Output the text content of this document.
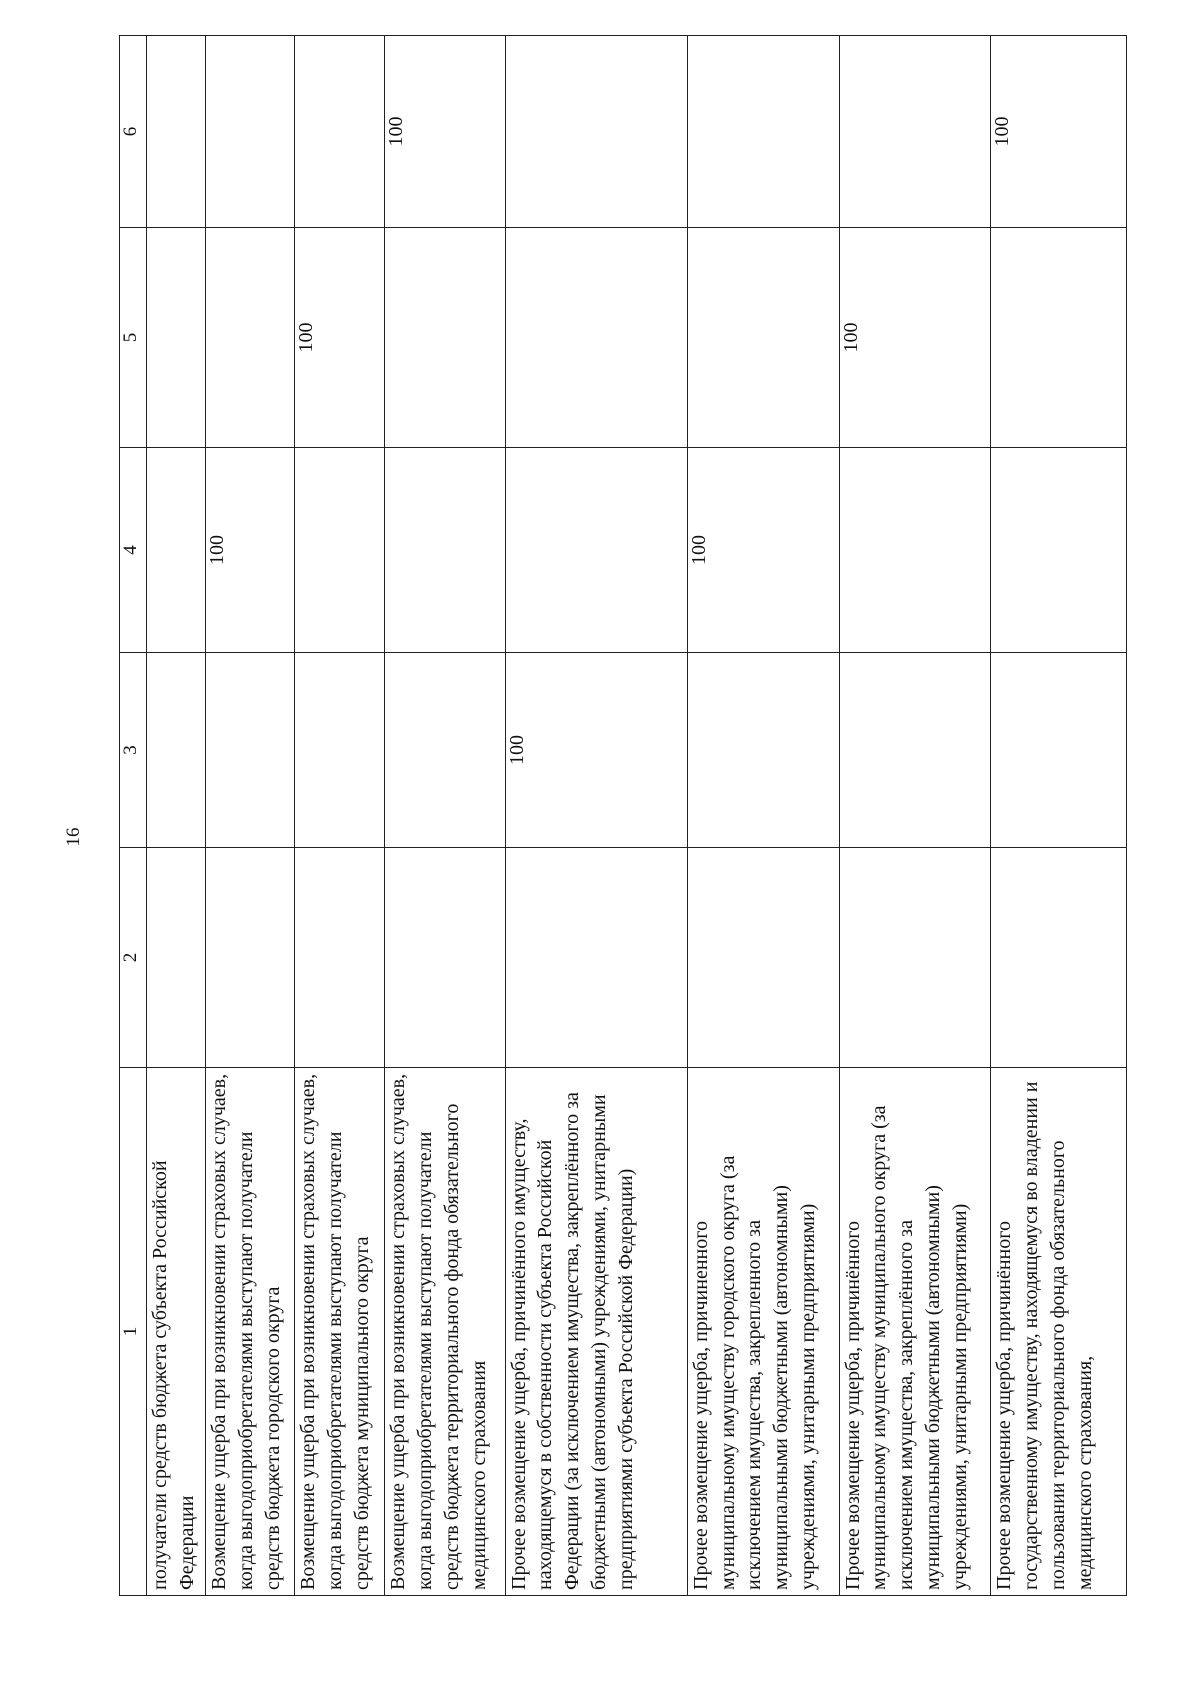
16
1	2	3	4	5	6
получатели средств бюджета субъекта Российской Федерации					
Возмещение ущерба при возникновении страховых случаев, когда выгодоприобретателями выступают получатели средств бюджета городского округа			100		
Возмещение ущерба при возникновении страховых случаев, когда выгодоприобретателями выступают получатели средств бюджета муниципального округа				100	
Возмещение ущерба при возникновении страховых случаев, когда выгодоприобретателями выступают получатели средств бюджета территориального фонда обязательного медицинского страхования					100
Прочее возмещение ущерба, причинённого имуществу, находящемуся в собственности субъекта Российской Федерации (за исключением имущества, закреплённого за бюджетными (автономными) учреждениями, унитарными предприятиями субъекта Российской Федерации)		100			
Прочее возмещение ущерба, причиненного муниципальному имуществу городского округа (за исключением имущества, закрепленного за муниципальными бюджетными (автономными) учреждениями, унитарными предприятиями)			100		
Прочее возмещение ущерба, причинённого муниципальному имуществу муниципального округа (за исключением имущества, закреплённого за муниципальными бюджетными (автономными) учреждениями, унитарными предприятиями)				100	
Прочее возмещение ущерба, причинённого государственному имуществу, находящемуся во владении и пользовании территориального фонда обязательного медицинского страхования,					100
